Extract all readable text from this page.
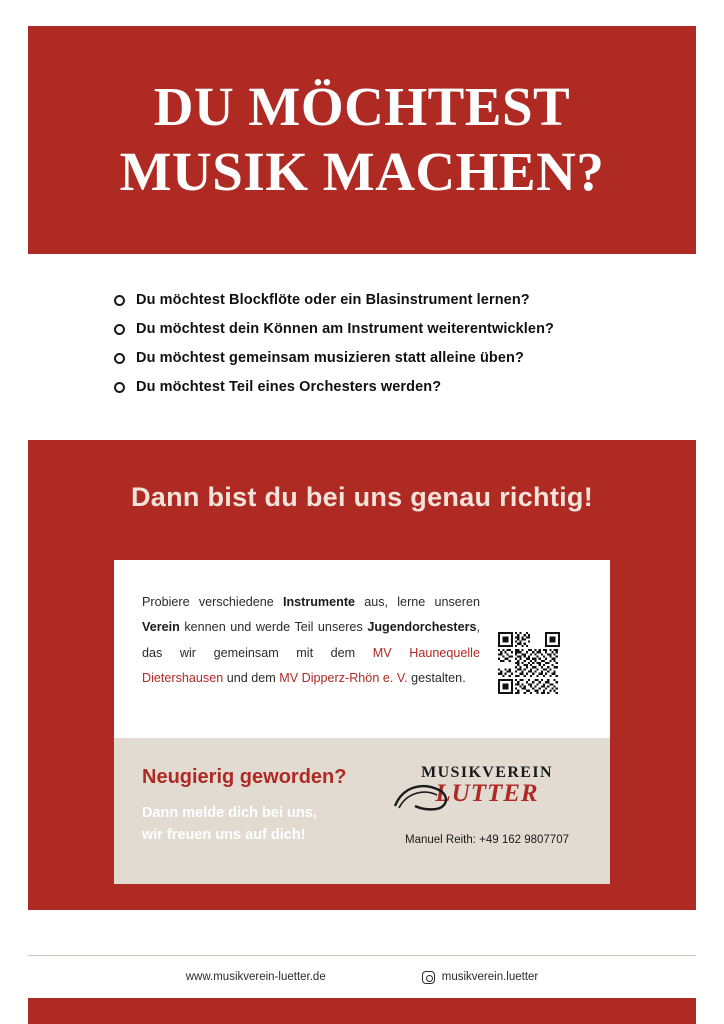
DU MÖCHTEST
MUSIK MACHEN?
Du möchtest Blockflöte oder ein Blasinstrument lernen?
Du möchtest dein Können am Instrument weiterentwicklen?
Du möchtest gemeinsam musizieren statt alleine üben?
Du möchtest Teil eines Orchesters werden?
Dann bist du bei uns genau richtig!
Probiere verschiedene Instrumente aus, lerne unseren Verein kennen und werde Teil unseres Jugendorchesters, das wir gemeinsam mit dem MV Haunequelle Dietershausen und dem MV Dipperz-Rhön e. V. gestalten.
Neugierig geworden?
Dann melde dich bei uns,
wir freuen uns auf dich!
MUSIKVEREIN
LUTTER
Manuel Reith: +49 162 9807707
www.musikverein-luetter.de	musikverein.luetter
